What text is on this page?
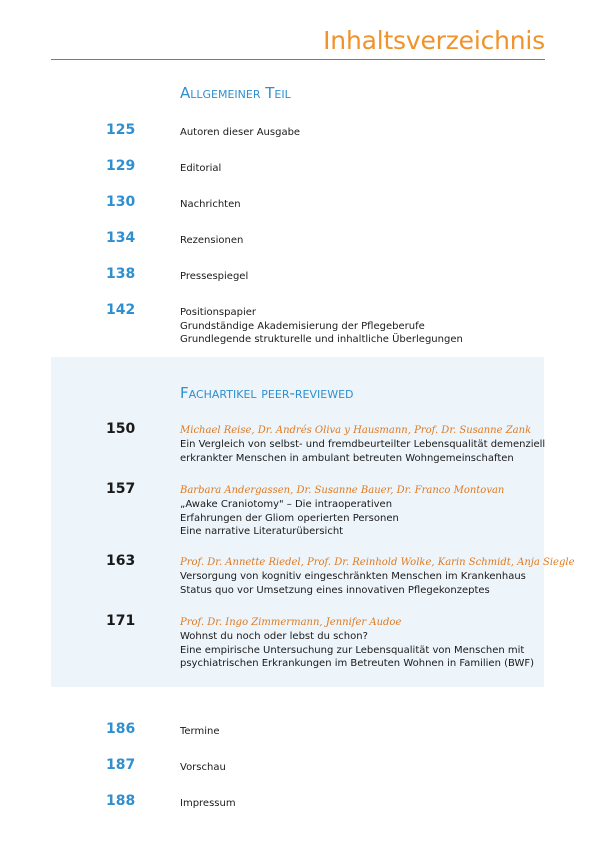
Inhaltsverzeichnis
Allgemeiner Teil
125	Autoren dieser Ausgabe
129	Editorial
130	Nachrichten
134	Rezensionen
138	Pressespiegel
142	Positionspapier
Grundständige Akademisierung der Pflegeberufe
Grundlegende strukturelle und inhaltliche Überlegungen
Fachartikel peer-reviewed
150	Michael Reise, Dr. Andrés Oliva y Hausmann, Prof. Dr. Susanne Zank
Ein Vergleich von selbst- und fremdbeurteilter Lebensqualität demenziell
erkrankter Menschen in ambulant betreuten Wohngemeinschaften
157	Barbara Andergassen, Dr. Susanne Bauer, Dr. Franco Montovan
„Awake Craniotomy" – Die intraoperativen
Erfahrungen der Gliom operierten Personen
Eine narrative Literaturübersicht
163	Prof. Dr. Annette Riedel, Prof. Dr. Reinhold Wolke, Karin Schmidt, Anja Siegle
Versorgung von kognitiv eingeschränkten Menschen im Krankenhaus
Status quo vor Umsetzung eines innovativen Pflegekonzeptes
171	Prof. Dr. Ingo Zimmermann, Jennifer Audoe
Wohnst du noch oder lebst du schon?
Eine empirische Untersuchung zur Lebensqualität von Menschen mit
psychiatrischen Erkrankungen im Betreuten Wohnen in Familien (BWF)
186	Termine
187	Vorschau
188	Impressum
